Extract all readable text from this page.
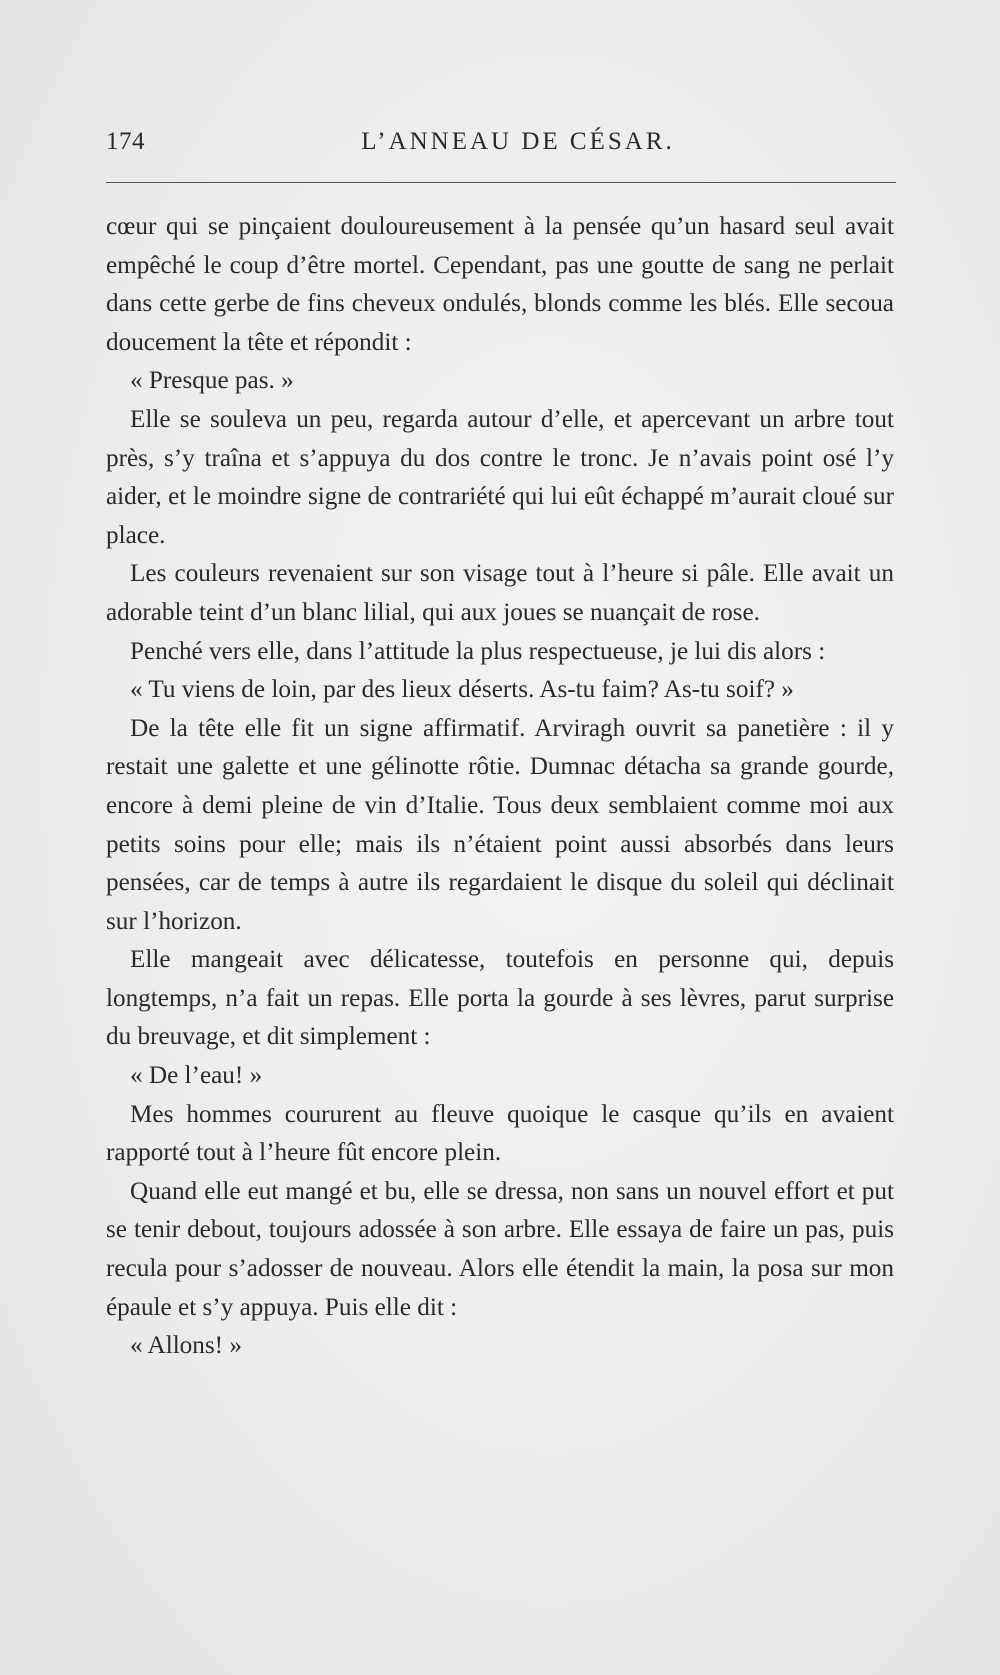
174	L’ANNEAU DE CÉSAR.

cœur qui se pinçaient douloureusement à la pensée qu’un hasard seul avait empêché le coup d’être mortel. Cependant, pas une goutte de sang ne perlait dans cette gerbe de fins cheveux ondulés, blonds comme les blés. Elle secoua doucement la tête et répondit :

« Presque pas. »

Elle se souleva un peu, regarda autour d’elle, et apercevant un arbre tout près, s’y traîna et s’appuya du dos contre le tronc. Je n’avais point osé l’y aider, et le moindre signe de contrariété qui lui eût échappé m’aurait cloué sur place.

Les couleurs revenaient sur son visage tout à l’heure si pâle. Elle avait un adorable teint d’un blanc lilial, qui aux joues se nuançait de rose.

Penché vers elle, dans l’attitude la plus respectueuse, je lui dis alors :

« Tu viens de loin, par des lieux déserts. As-tu faim? As-tu soif? »

De la tête elle fit un signe affirmatif. Arviragh ouvrit sa panetière : il y restait une galette et une gélinotte rôtie. Dumnac détacha sa grande gourde, encore à demi pleine de vin d’Italie. Tous deux semblaient comme moi aux petits soins pour elle; mais ils n’étaient point aussi absorbés dans leurs pensées, car de temps à autre ils regardaient le disque du soleil qui déclinait sur l’horizon.

Elle mangeait avec délicatesse, toutefois en personne qui, depuis longtemps, n’a fait un repas. Elle porta la gourde à ses lèvres, parut surprise du breuvage, et dit simplement :

« De l’eau! »

Mes hommes coururent au fleuve quoique le casque qu’ils en avaient rapporté tout à l’heure fût encore plein.

Quand elle eut mangé et bu, elle se dressa, non sans un nouvel effort et put se tenir debout, toujours adossée à son arbre. Elle essaya de faire un pas, puis recula pour s’adosser de nouveau. Alors elle étendit la main, la posa sur mon épaule et s’y appuya. Puis elle dit :

« Allons! »
